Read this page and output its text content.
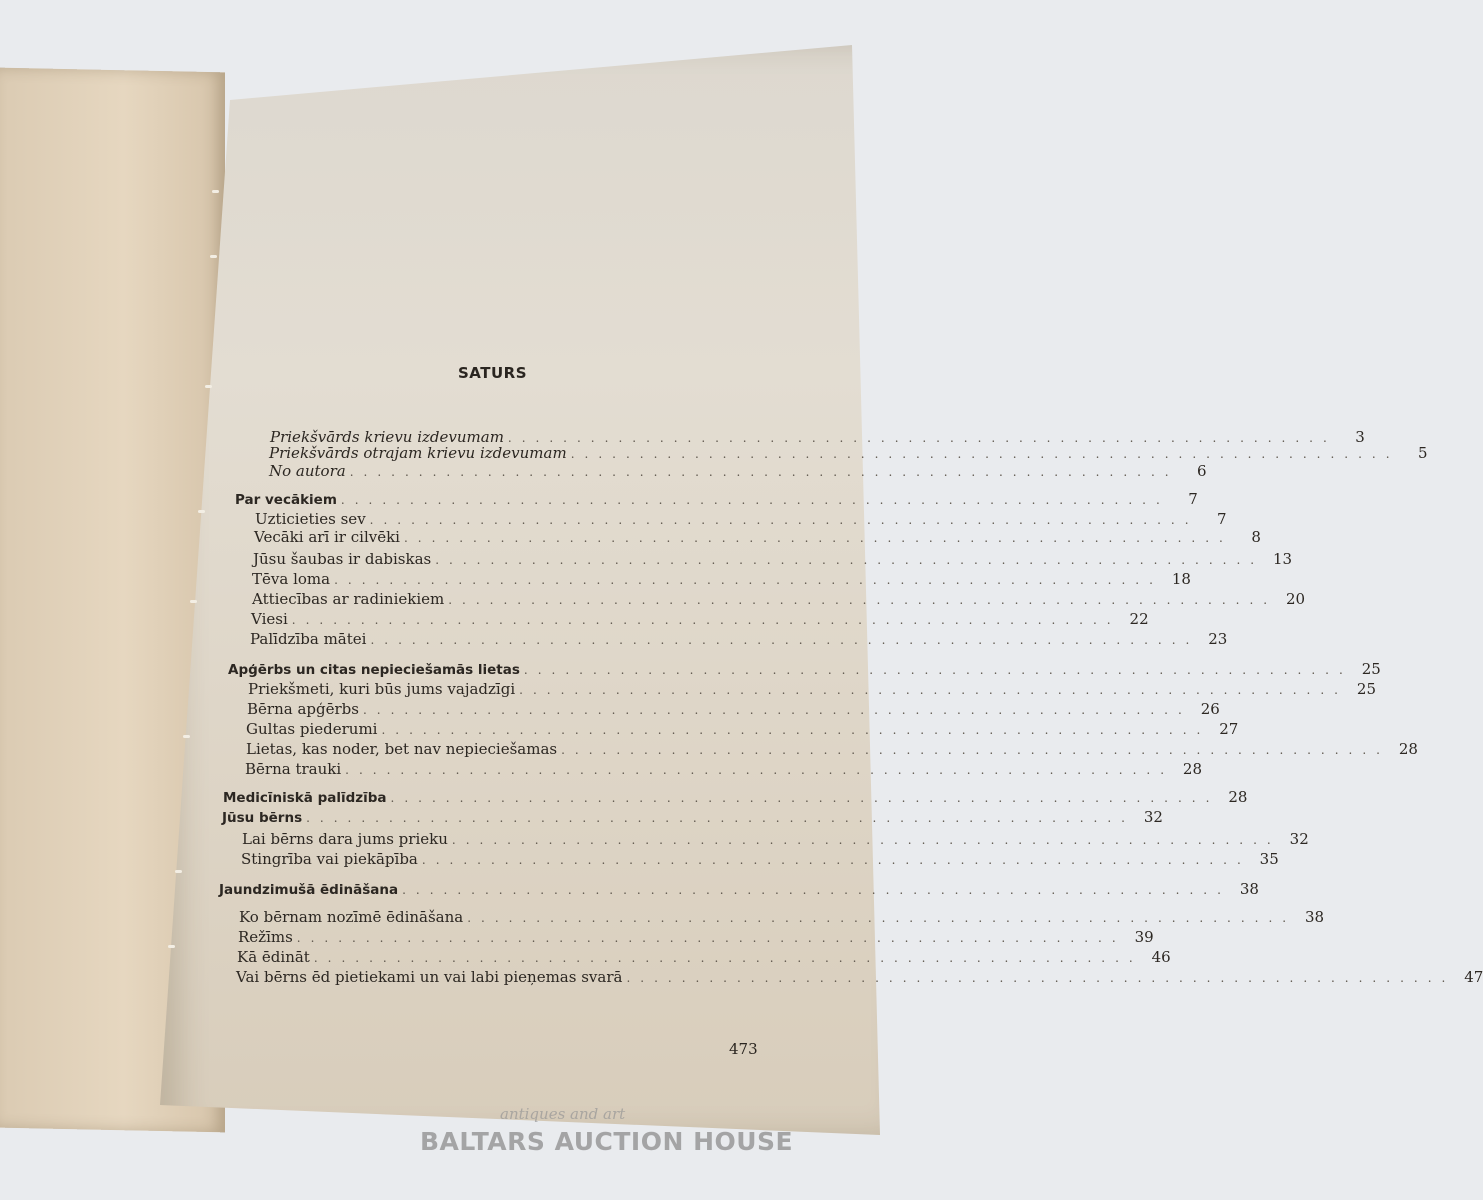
SATURS
Priekšvārds krievu izdevumam ............................................................	3
Priekšvārds otrajam krievu izdevumam ............................................................	5
No autora ............................................................	6
Par vecākiem ............................................................	7
Uzticieties sev ............................................................	7
Vecāki arī ir cilvēki ............................................................	8
Jūsu šaubas ir dabiskas ............................................................ 13
Tēva loma ............................................................ 18
Attiecības ar radiniekiem ............................................................ 20
Viesi ............................................................ 22
Palīdzība mātei ............................................................ 23
Apģērbs un citas nepieciešamās lietas ............................................................ 25
Priekšmeti, kuri būs jums vajadzīgi ............................................................ 25
Bērna apģērbs ............................................................ 26
Gultas piederumi ............................................................ 27
Lietas, kas noder, bet nav nepieciešamas ............................................................ 28
Bērna trauki ............................................................ 28
Medicīniskā palīdzība ............................................................ 28
Jūsu bērns ............................................................ 32
Lai bērns dara jums prieku ............................................................ 32
Stingrība vai piekāpība ............................................................ 35
Jaundzimušā ēdināšana ............................................................ 38
Ko bērnam nozīmē ēdināšana ............................................................ 38
Režīms ............................................................ 39
Kā ēdināt ............................................................ 46
Vai bērns ēd pietiekami un vai labi pieņemas svarā ............................................................ 47
473
antiques and art
BALTARS AUCTION HOUSE
